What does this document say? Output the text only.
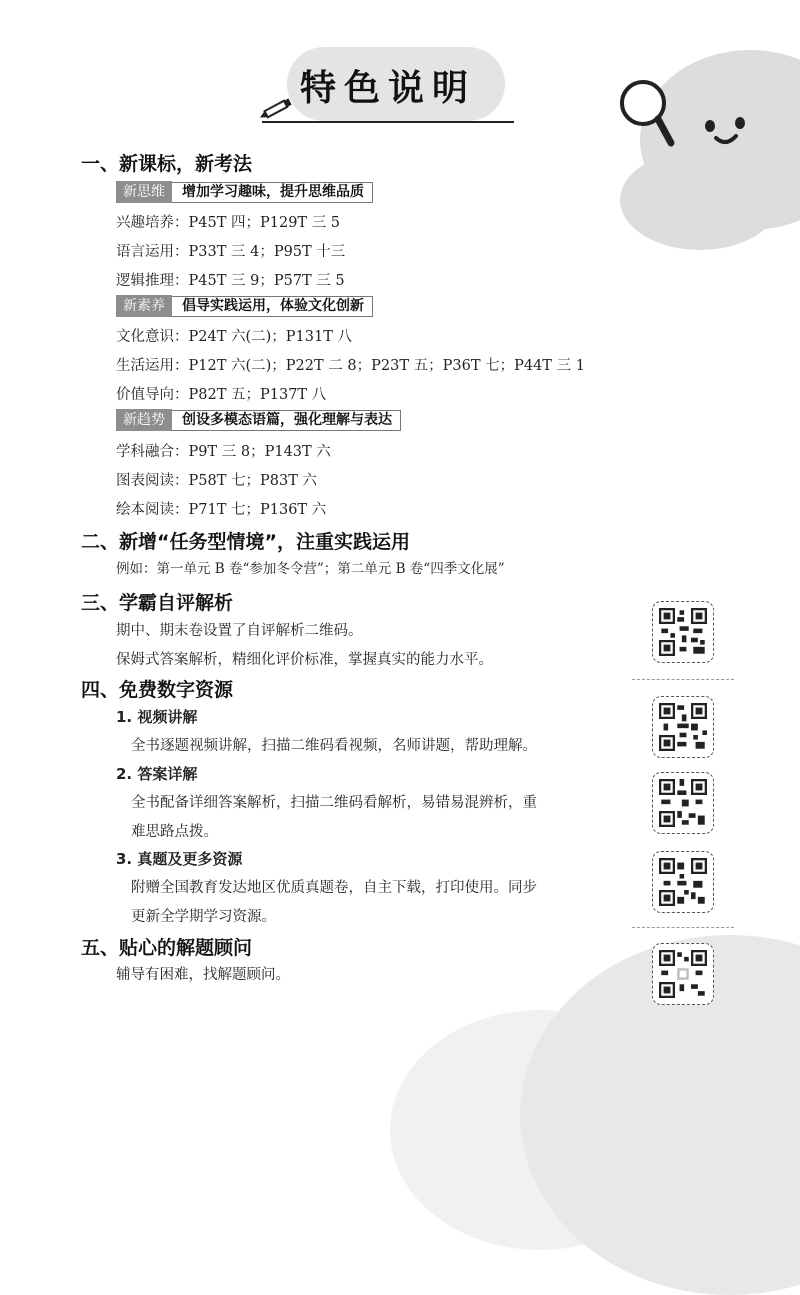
特色说明
一、新课标，新考法
新思维	增加学习趣味，提升思维品质
兴趣培养：P45T 四；P129T 三 5
语言运用：P33T 三 4；P95T 十三
逻辑推理：P45T 三 9；P57T 三 5
新素养	倡导实践运用，体验文化创新
文化意识：P24T 六(二)；P131T 八
生活运用：P12T 六(二)；P22T 二 8；P23T 五；P36T 七；P44T 三 1
价值导向：P82T 五；P137T 八
新趋势	创设多模态语篇，强化理解与表达
学科融合：P9T 三 8；P143T 六
图表阅读：P58T 七；P83T 六
绘本阅读：P71T 七；P136T 六
二、新增“任务型情境”，注重实践运用
例如：第一单元 B 卷“参加冬令营”；第二单元 B 卷“四季文化展”
三、学霸自评解析
期中、期末卷设置了自评解析二维码。
保姆式答案解析，精细化评价标准，掌握真实的能力水平。
四、免费数字资源
1. 视频讲解
全书逐题视频讲解，扫描二维码看视频，名师讲题，帮助理解。
2. 答案详解
全书配备详细答案解析，扫描二维码看解析，易错易混辨析，重
难思路点拨。
3. 真题及更多资源
附赠全国教育发达地区优质真题卷，自主下载，打印使用。同步
更新全学期学习资源。
五、贴心的解题顾问
辅导有困难，找解题顾问。
